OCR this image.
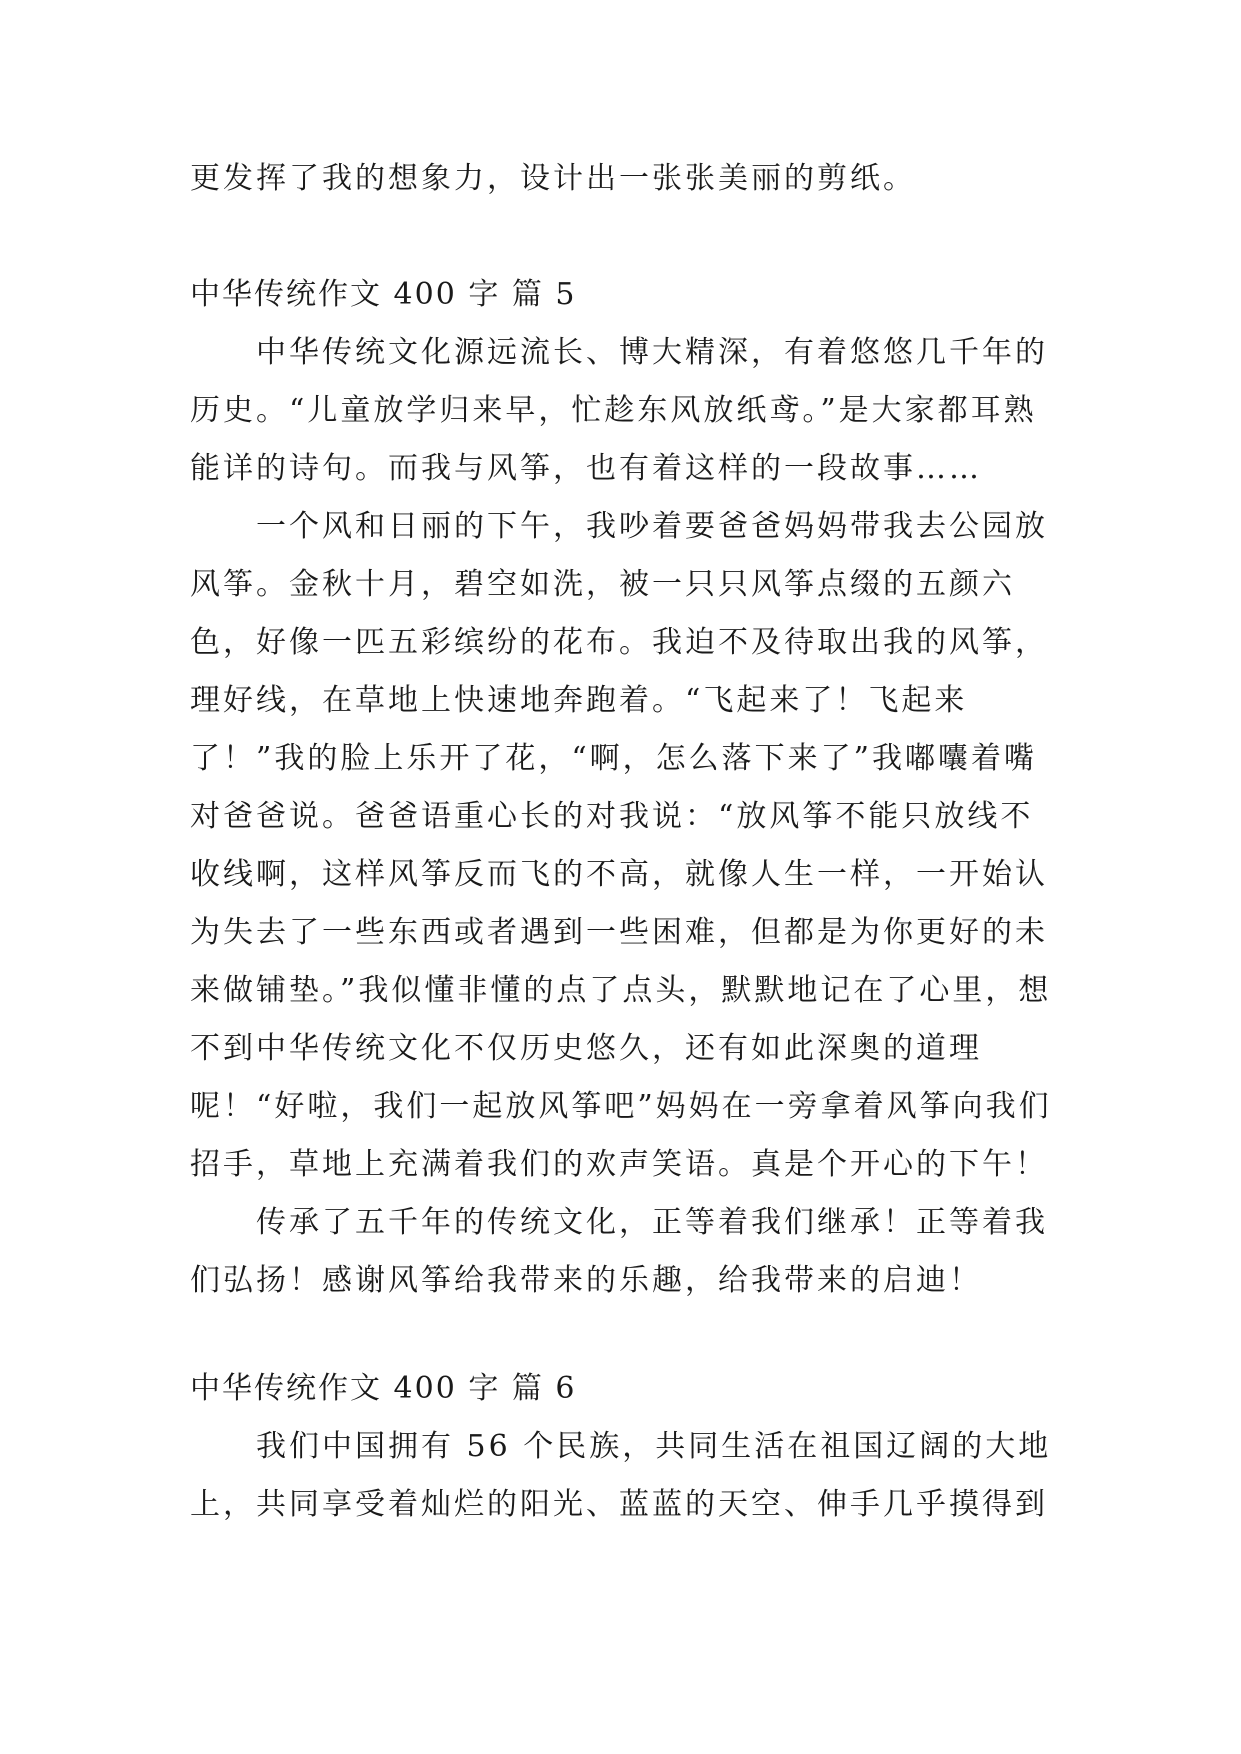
更发挥了我的想象力，设计出一张张美丽的剪纸。

中华传统作文 400 字 篇 5

中华传统文化源远流长、博大精深，有着悠悠几千年的历史。“儿童放学归来早，忙趁东风放纸鸢。”是大家都耳熟能详的诗句。而我与风筝，也有着这样的一段故事……

一个风和日丽的下午，我吵着要爸爸妈妈带我去公园放风筝。金秋十月，碧空如洗，被一只只风筝点缀的五颜六色，好像一匹五彩缤纷的花布。我迫不及待取出我的风筝，理好线，在草地上快速地奔跑着。“飞起来了！飞起来了！”我的脸上乐开了花，“啊，怎么落下来了”我嘟囔着嘴对爸爸说。爸爸语重心长的对我说：“放风筝不能只放线不收线啊，这样风筝反而飞的不高，就像人生一样，一开始认为失去了一些东西或者遇到一些困难，但都是为你更好的未来做铺垫。”我似懂非懂的点了点头，默默地记在了心里，想不到中华传统文化不仅历史悠久，还有如此深奥的道理呢！“好啦，我们一起放风筝吧”妈妈在一旁拿着风筝向我们招手，草地上充满着我们的欢声笑语。真是个开心的下午！

传承了五千年的传统文化，正等着我们继承！正等着我们弘扬！感谢风筝给我带来的乐趣，给我带来的启迪！

中华传统作文 400 字 篇 6

我们中国拥有 56 个民族，共同生活在祖国辽阔的大地上，共同享受着灿烂的阳光、蓝蓝的天空、伸手几乎摸得到
